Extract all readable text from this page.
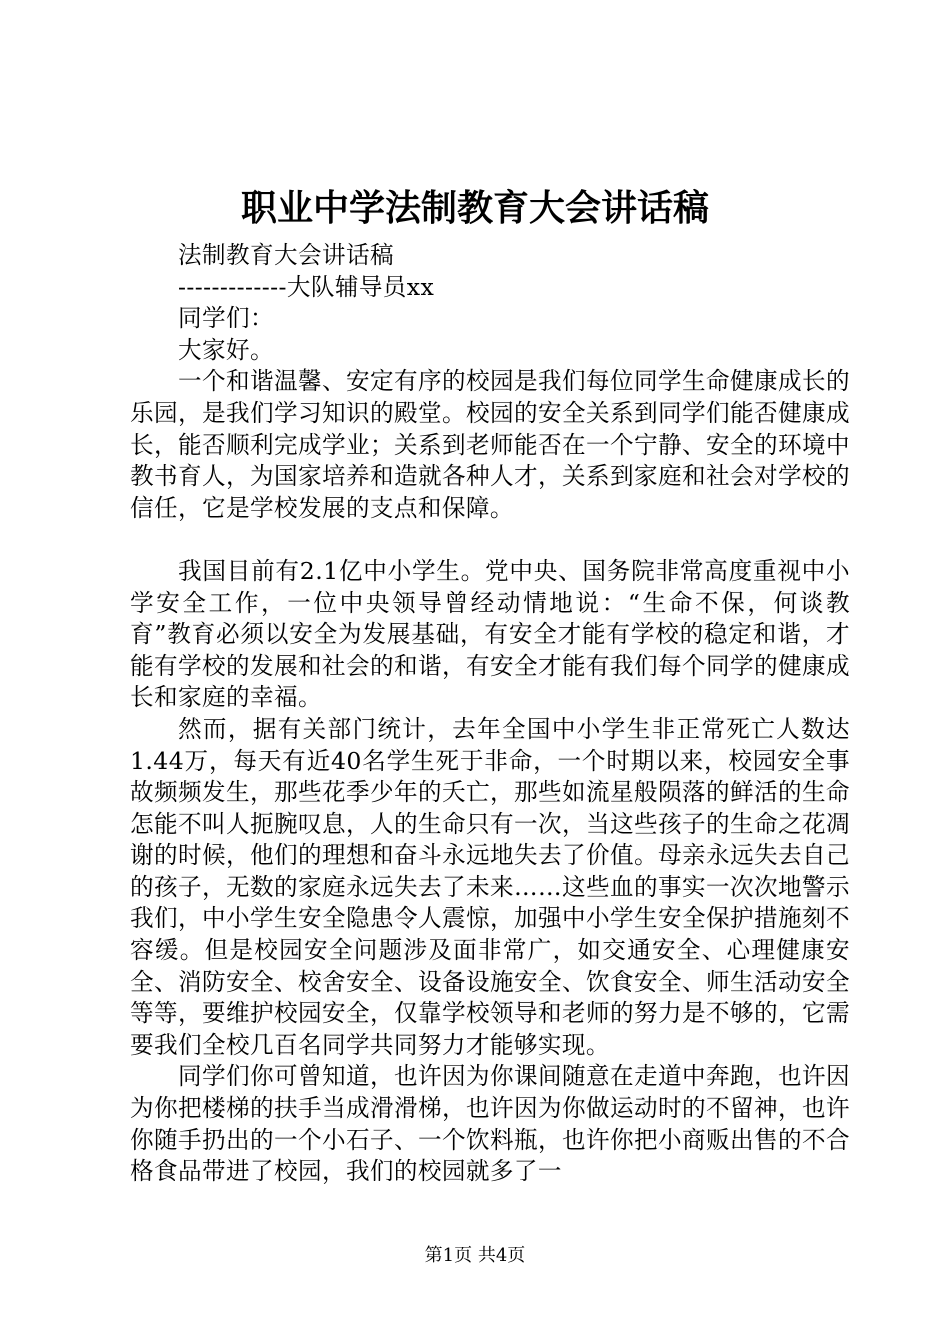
职业中学法制教育大会讲话稿

法制教育大会讲话稿

-------------大队辅导员xx

同学们：

大家好。

一个和谐温馨、安定有序的校园是我们每位同学生命健康成长的乐园，是我们学习知识的殿堂。校园的安全关系到同学们能否健康成长，能否顺利完成学业；关系到老师能否在一个宁静、安全的环境中教书育人，为国家培养和造就各种人才，关系到家庭和社会对学校的信任，它是学校发展的支点和保障。

我国目前有2.1亿中小学生。党中央、国务院非常高度重视中小学安全工作，一位中央领导曾经动情地说：“生命不保，何谈教育”教育必须以安全为发展基础，有安全才能有学校的稳定和谐，才能有学校的发展和社会的和谐，有安全才能有我们每个同学的健康成长和家庭的幸福。

然而，据有关部门统计，去年全国中小学生非正常死亡人数达1.44万，每天有近40名学生死于非命，一个时期以来，校园安全事故频频发生，那些花季少年的夭亡，那些如流星般陨落的鲜活的生命怎能不叫人扼腕叹息，人的生命只有一次，当这些孩子的生命之花凋谢的时候，他们的理想和奋斗永远地失去了价值。母亲永远失去自己的孩子，无数的家庭永远失去了未来……这些血的事实一次次地警示我们，中小学生安全隐患令人震惊，加强中小学生安全保护措施刻不容缓。但是校园安全问题涉及面非常广，如交通安全、心理健康安全、消防安全、校舍安全、设备设施安全、饮食安全、师生活动安全等等，要维护校园安全，仅靠学校领导和老师的努力是不够的，它需要我们全校几百名同学共同努力才能够实现。

同学们你可曾知道，也许因为你课间随意在走道中奔跑，也许因为你把楼梯的扶手当成滑滑梯，也许因为你做运动时的不留神，也许你随手扔出的一个小石子、一个饮料瓶，也许你把小商贩出售的不合格食品带进了校园，我们的校园就多了一

第1页 共4页
